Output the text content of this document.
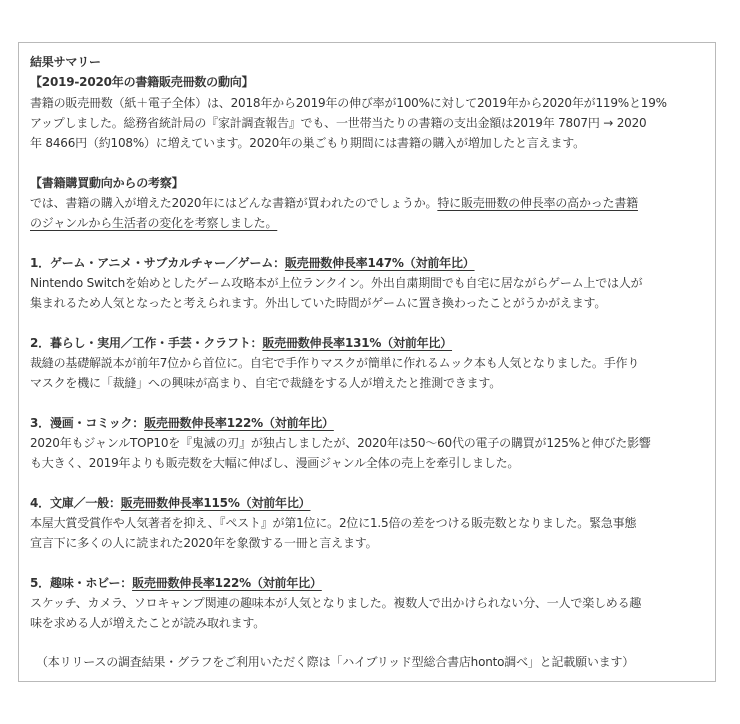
結果サマリー
【2019-2020年の書籍販売冊数の動向】
書籍の販売冊数（紙＋電子全体）は、2018年から2019年の伸び率が100%に対して2019年から2020年が119%と19%
アップしました。総務省統計局の『家計調査報告』でも、一世帯当たりの書籍の支出金額は2019年 7807円 → 2020
年 8466円（約108%）に増えています。2020年の巣ごもり期間には書籍の購入が増加したと言えます。
【書籍購買動向からの考察】
では、書籍の購入が増えた2020年にはどんな書籍が買われたのでしょうか。特に販売冊数の伸長率の高かった書籍
のジャンルから生活者の変化を考察しました。
1．ゲーム・アニメ・サブカルチャー／ゲーム：販売冊数伸長率147%（対前年比）
Nintendo Switchを始めとしたゲーム攻略本が上位ランクイン。外出自粛期間でも自宅に居ながらゲーム上では人が
集まれるため人気となったと考えられます。外出していた時間がゲームに置き換わったことがうかがえます。
2．暮らし・実用／工作・手芸・クラフト：販売冊数伸長率131%（対前年比）
裁縫の基礎解説本が前年7位から首位に。自宅で手作りマスクが簡単に作れるムック本も人気となりました。手作り
マスクを機に「裁縫」への興味が高まり、自宅で裁縫をする人が増えたと推測できます。
3．漫画・コミック：販売冊数伸長率122%（対前年比）
2020年もジャンルTOP10を『鬼滅の刃』が独占しましたが、2020年は50～60代の電子の購買が125%と伸びた影響
も大きく、2019年よりも販売数を大幅に伸ばし、漫画ジャンル全体の売上を牽引しました。
4．文庫／一般：販売冊数伸長率115%（対前年比）
本屋大賞受賞作や人気著者を抑え、『ペスト』が第1位に。2位に1.5倍の差をつける販売数となりました。緊急事態
宣言下に多くの人に読まれた2020年を象徴する一冊と言えます。
5．趣味・ホビー：販売冊数伸長率122%（対前年比）
スケッチ、カメラ、ソロキャンプ関連の趣味本が人気となりました。複数人で出かけられない分、一人で楽しめる趣
味を求める人が増えたことが読み取れます。
（本リリースの調査結果・グラフをご利用いただく際は「ハイブリッド型総合書店honto調べ」と記載願います）
